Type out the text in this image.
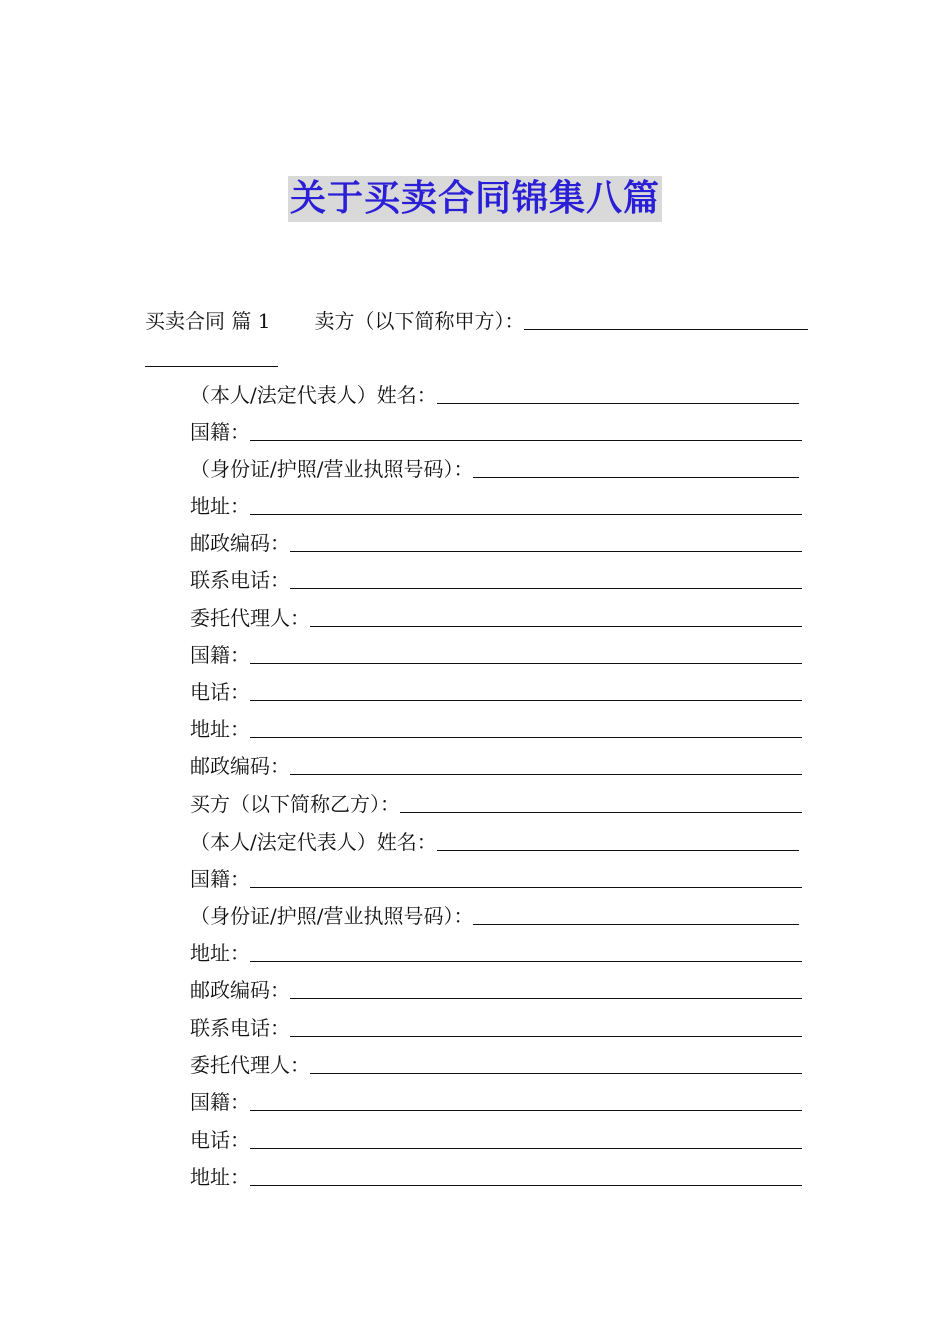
关于买卖合同锦集八篇
买卖合同 篇 1 卖方（以下简称甲方）：
（本人/法定代表人）姓名：
国籍：
（身份证/护照/营业执照号码）：
地址：
邮政编码：
联系电话：
委托代理人：
国籍：
电话：
地址：
邮政编码：
买方（以下简称乙方）：
（本人/法定代表人）姓名：
国籍：
（身份证/护照/营业执照号码）：
地址：
邮政编码：
联系电话：
委托代理人：
国籍：
电话：
地址：
